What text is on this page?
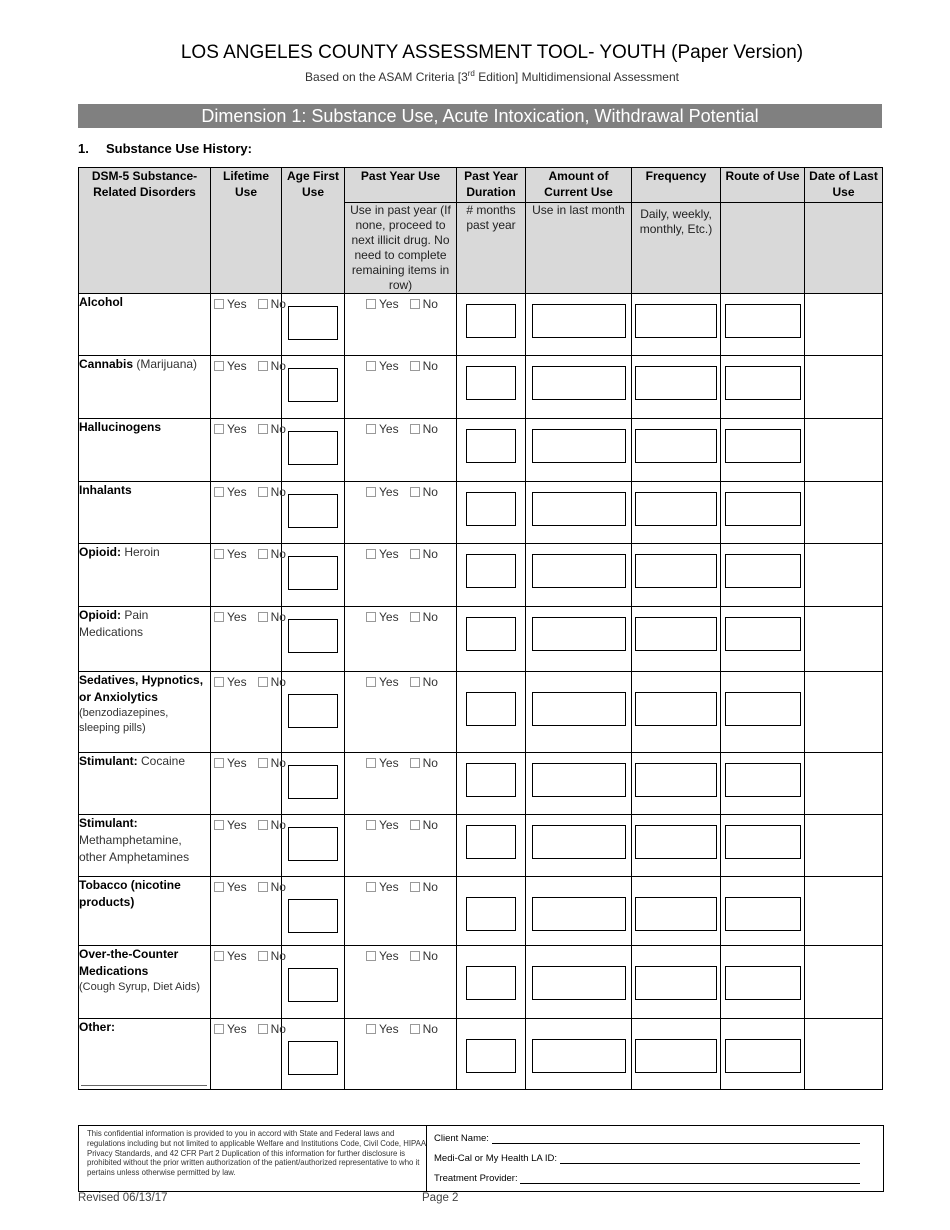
LOS ANGELES COUNTY ASSESSMENT TOOL- YOUTH (Paper Version)
Based on the ASAM Criteria [3rd Edition] Multidimensional Assessment
Dimension 1: Substance Use, Acute Intoxication, Withdrawal Potential
1. Substance Use History:
DSM-5 Substance-Related Disorders	Lifetime Use	Age First Use	Past Year Use	Past Year Duration	Amount of Current Use	Frequency	Route of Use	Date of Last Use
			Use in past year (If none, proceed to next illicit drug. No need to complete remaining items in row)	# months past year	Use in last month	Daily, weekly, monthly, Etc.)		
Alcohol	Yes No		Yes No					

Cannabis (Marijuana)	Yes No		Yes No					

Hallucinogens	Yes No		Yes No					

Inhalants	Yes No		Yes No					

Opioid: Heroin	Yes No		Yes No					

Opioid: Pain Medications	Yes No		Yes No					

Sedatives, Hypnotics, or Anxiolytics
(benzodiazepines, sleeping pills)	Yes No		Yes No					

Stimulant: Cocaine	Yes No		Yes No					

Stimulant: Methamphetamine, other Amphetamines	Yes No		Yes No					

Tobacco (nicotine products)	Yes No		Yes No					

Over-the-Counter Medications
(Cough Syrup, Diet Aids)	Yes No		Yes No					

Other:	Yes No		Yes No					

This confidential information is provided to you in accord with State and Federal laws and regulations including but not limited to applicable Welfare and Institutions Code, Civil Code, HIPAA Privacy Standards, and 42 CFR Part 2 Duplication of this information for further disclosure is prohibited without the prior written authorization of the patient/authorized representative to who it pertains unless otherwise permitted by law.
Client Name:
Medi-Cal or My Health LA ID:
Treatment Provider:
Revised 06/13/17	Page 2
